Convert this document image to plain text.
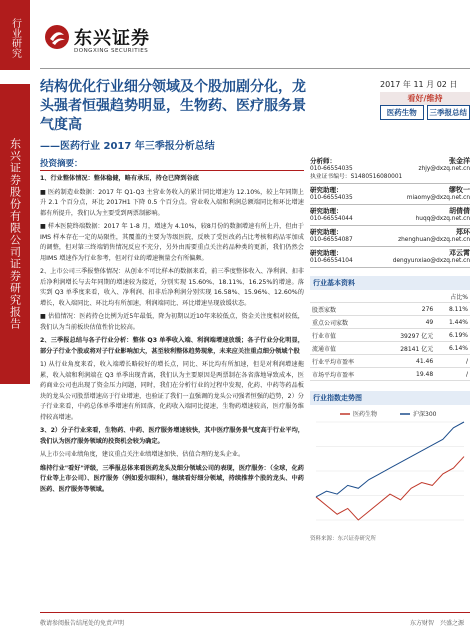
行业研究
东兴证券股份有限公司证券研究报告
东兴证券
DONGXING SECURITIES
结构优化行业细分领域及个股加剧分化，龙头强者恒强趋势明显，生物药、医疗服务景气度高
——医药行业 2017 年三季报分析总结
2017 年 11 月 02 日
看好/维持
医药生物	三季报总结
投资摘要：
1、行业整体情况：整体稳健，略有承压，持仓已降到谷底
■ 医药制造业数据：2017 年 Q1-Q3 主营业务收入的累计同比增速为 12.10%，较上年同期上升 2.1 个百分点，环比 2017H1 下降 0.5 个百分点。营业收入端和利润总额端同比和环比增速都有所提升，我们认为主要受到两票制影响。
■ 样本医院终端数据：2017 年 1-8 月，增速为 4.10%，较8月份的数据增速有所上升，但由于 IMS 样本存在一定的局限性，其覆盖的主要为等级医院，反映了受医改药占比考核和药品零加成的调整，但对第三终端销售情况反应不充分，另外由需要重点关注药品种类的更新，我们仍然会用IMS 增速作为行业参考，但对行业的增速衡量会有所偏颇。
2、上市公司三季报整体情况：从创业不可比样本的数据来看，前三季度整体收入、净利润、扣非后净利润增长与去年同期的增速较为接近，分别实现 15.60%、18.11%、16.25%的增速。落实到 Q3 单季度来看，收入、净利润、扣非后净利润分别实现 16.58%、15.96%、12.60%的增长，收入端同比、环比均有所加速，利润端同比、环比增速呈现放缓状态。
■ 估值情况：医药持仓比例为近5年最低，降为初期以近10年来较低点，资金关注度相对较低，我们认为当前板块估值性价比较高。
2、三季报总结与各子行业分析：整体 Q3 单季收入端、利润端增速放缓；各子行业分化明显，部分子行业个股或将对子行业影响加大，甚至较利整体趋势现象，未来应关注重点细分领域个股
1) 从行业角度来看，收入端增长略较好的增长点，同比、环比均有所加速，但是对利润增速拖累，收入端和利润端在 Q3 单季出现背离，我们认为主要原因是两票制在各省落地导致成本，医药商业公司也出现了资金压力问题，同时，我们在分析行业的过程中发现，化药、中药等药品板块的龙头公司股票增速高于行业增速，也验证了我们一直强调的龙头公司强者恒强的趋势，2）分子行业来看，中药总体单季增速有所回落，化药收入端同比提速，生物药增速较高，医疗服务维持较高增速。
3、2）分子行业来看，生物药、中药、医疗服务增速较快，其中医疗服务景气度高于行业平均，我们认为医疗服务领域的投资机会较为确定。
从上市公司业绩角度，建议重点关注业绩增速加快、估值合理的龙头企业。
维持行业"看好"评级，三季报总体来看医药龙头及细分领域公司的表现，医疗服务：（全球，化药行业等上市公司）、医疗服务（例如爱尔眼科），继续看好细分领域，持续推荐个股的龙头、中药医药、医疗服务等领域。
分析师：	张金洋
010-66554035	zhjy@dxzq.net.cn
执业证书编号：S1480516080001
研究助理：	缪牧一
010-66554035	miaomy@dxzq.net.cn
研究助理：	胡倩倩
010-66554044	huqq@dxzq.net.cn
研究助理：	郑环
010-66554087	zhenghuan@dxzq.net.cn
研究助理：	邓云霄
010-66554104	dengyunxiao@dxzq.net.cn
行业基本资料
		占比%
股票家数	276	8.11%
重点公司家数	49	1.44%
行业市值	39297 亿元	6.19%
流通市值	28141 亿元	6.14%
行业平均市盈率	41.46	/
市场平均市盈率	19.48	/
行业指数走势图
医药生物	沪深300
资料来源：东兴证券研究所
敬请参阅报告结尾处的免责声明	东方财智　兴盛之源
